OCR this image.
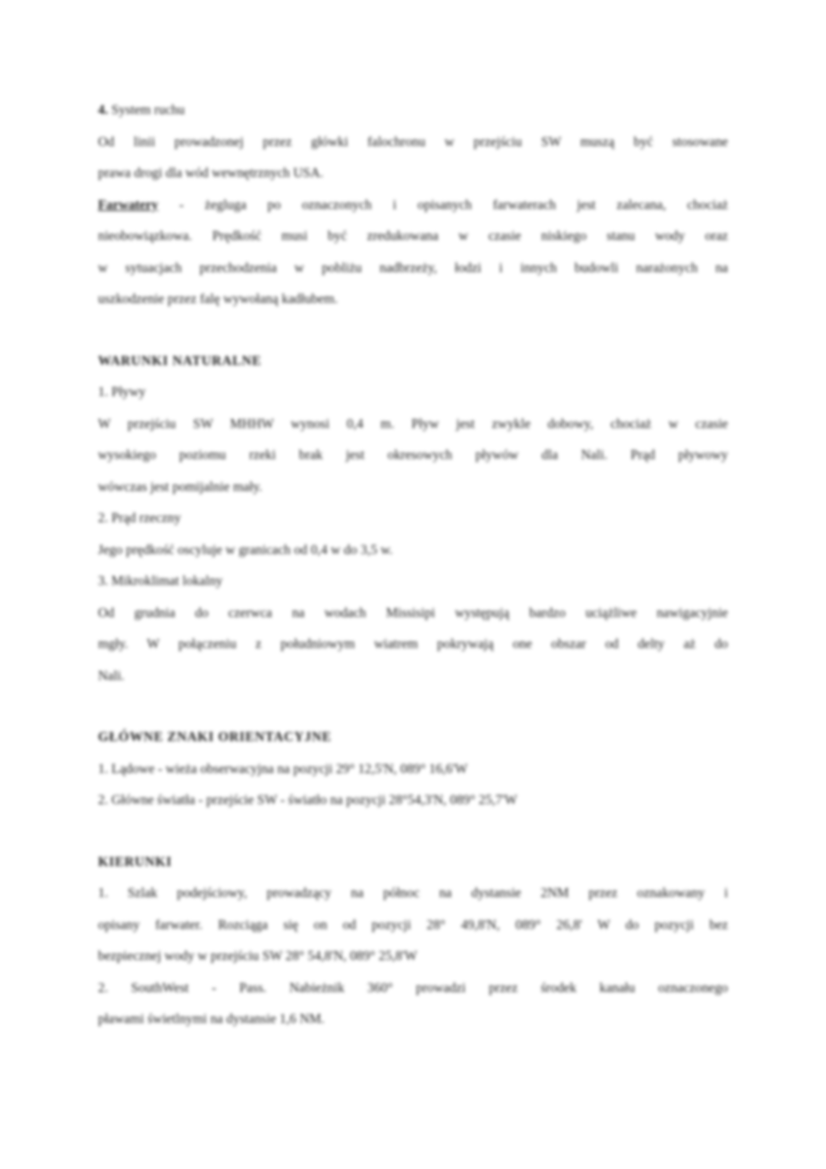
4. System ruchu

Od linii prowadzonej przez główki falochronu w przejściu SW muszą być stosowane

prawa drogi dla wód wewnętrznych USA.

Farwatery - żegluga po oznaczonych i opisanych farwaterach jest zalecana, chociaż

nieobowiązkowa. Prędkość musi być zredukowana w czasie niskiego stanu wody oraz

w sytuacjach przechodzenia w pobliżu nadbrzeży, łodzi i innych budowli narażonych na

uszkodzenie przez falę wywołaną kadłubem.

WARUNKI NATURALNE

1. Pływy

W przejściu SW MHHW wynosi 0,4 m. Pływ jest zwykle dobowy, chociaż w czasie

wysokiego poziomu rzeki brak jest okresowych pływów dla Nali. Prąd pływowy

wówczas jest pomijalnie mały.

2. Prąd rzeczny

Jego prędkość oscyluje w granicach od 0,4 w do 3,5 w.

3. Mikroklimat lokalny

Od grudnia do czerwca na wodach Missisipi występują bardzo uciążliwe nawigacyjnie

mgły. W połączeniu z południowym wiatrem pokrywają one obszar od delty aż do

Nali.

GŁÓWNE ZNAKI ORIENTACYJNE

1. Lądowe - wieża obserwacyjna na pozycji 29° 12,5'N, 089° 16,6'W

2. Główne światła - przejście SW - światło na pozycji 28°54,3'N, 089° 25,7'W

KIERUNKI

1. Szlak podejściowy, prowadzący na północ na dystansie 2NM przez oznakowany i

opisany farwater. Rozciąga się on od pozycji 28° 49,8'N, 089° 26,8' W do pozycji bez

bezpiecznej wody w przejściu SW 28° 54,8'N, 089° 25,8'W

2. SouthWest - Pass. Nabieżnik 360° prowadzi przez środek kanału oznaczonego

pławami świetlnymi na dystansie 1,6 NM.
